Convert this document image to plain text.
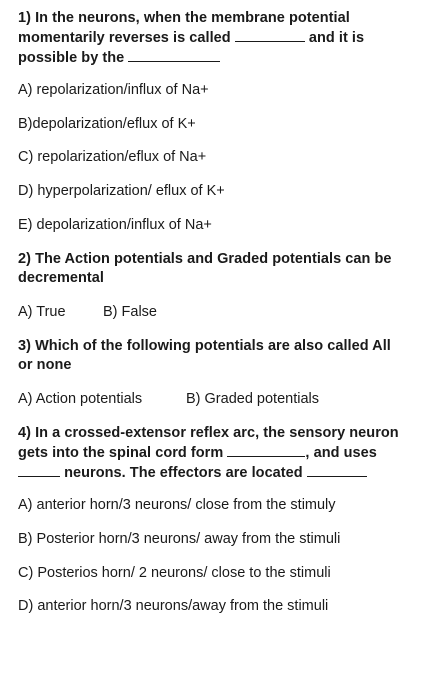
1) In the neurons, when the membrane potential
momentarily reverses is called	and it is
possible by the
A) repolarization/influx of Na+
B)depolarization/eflux of K+
C) repolarization/eflux of Na+
D) hyperpolarization/ eflux of K+
E) depolarization/influx of Na+
2) The Action potentials and Graded potentials can be
decremental
A) True	B) False
3) Which of the following potentials are also called All
or none
A) Action potentials	B) Graded potentials
4) In a crossed-extensor reflex arc, the sensory neuron
gets into the spinal cord form	, and uses
neurons. The effectors are located
A) anterior horn/3 neurons/ close from the stimuly
B) Posterior horn/3 neurons/ away from the stimuli
C) Posterios horn/ 2 neurons/ close to the stimuli
D) anterior horn/3 neurons/away from the stimuli
